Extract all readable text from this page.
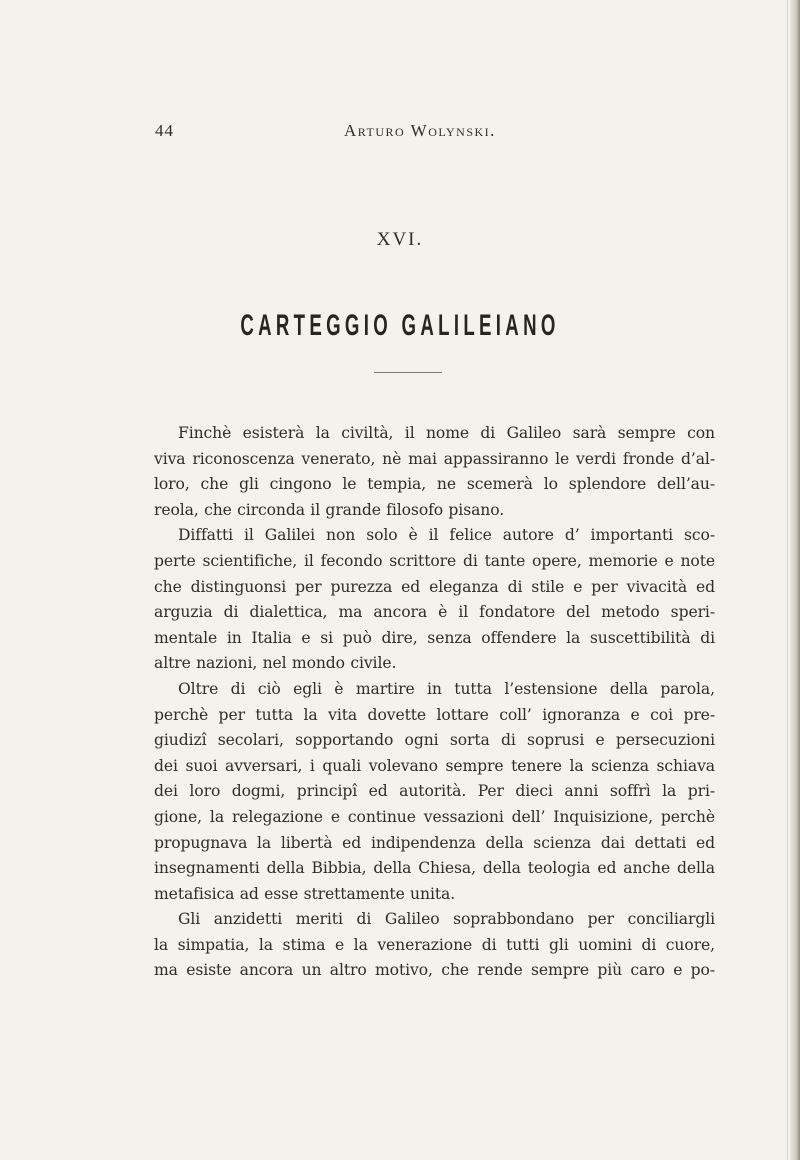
44	Arturo Wolynski.
XVI.
CARTEGGIO GALILEIANO
Finchè esisterà la civiltà, il nome di Galileo sarà sempre con
viva riconoscenza venerato, nè mai appassiranno le verdi fronde d’al-
loro, che gli cingono le tempia, ne scemerà lo splendore dell’au-
reola, che circonda il grande filosofo pisano.
Diffatti il Galilei non solo è il felice autore d’ importanti sco-
perte scientifiche, il fecondo scrittore di tante opere, memorie e note
che distinguonsi per purezza ed eleganza di stile e per vivacità ed
arguzia di dialettica, ma ancora è il fondatore del metodo speri-
mentale in Italia e si può dire, senza offendere la suscettibilità di
altre nazioni, nel mondo civile.
Oltre di ciò egli è martire in tutta l’estensione della parola,
perchè per tutta la vita dovette lottare coll’ ignoranza e coi pre-
giudizî secolari, sopportando ogni sorta di soprusi e persecuzioni
dei suoi avversari, i quali volevano sempre tenere la scienza schiava
dei loro dogmi, principî ed autorità. Per dieci anni soffrì la pri-
gione, la relegazione e continue vessazioni dell’ Inquisizione, perchè
propugnava la libertà ed indipendenza della scienza dai dettati ed
insegnamenti della Bibbia, della Chiesa, della teologia ed anche della
metafisica ad esse strettamente unita.
Gli anzidetti meriti di Galileo soprabbondano per conciliargli
la simpatia, la stima e la venerazione di tutti gli uomini di cuore,
ma esiste ancora un altro motivo, che rende sempre più caro e po-
